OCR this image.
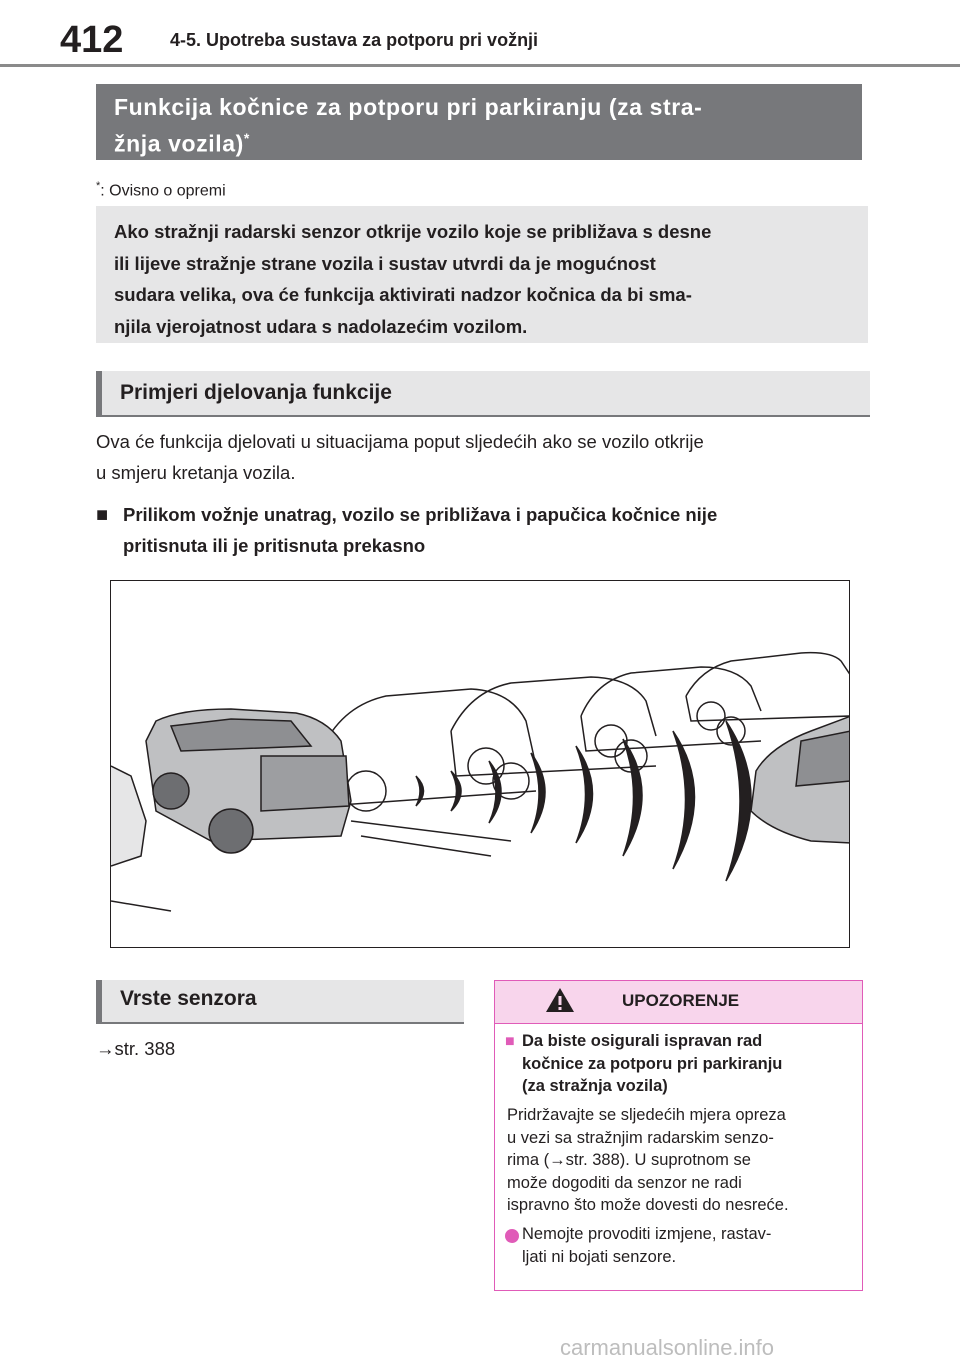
412	4-5. Upotreba sustava za potporu pri vožnji
Funkcija kočnice za potporu pri parkiranju (za stra-
žnja vozila)*
*: Ovisno o opremi
Ako stražnji radarski senzor otkrije vozilo koje se približava s desne
ili lijeve stražnje strane vozila i sustav utvrdi da je mogućnost
sudara velika, ova će funkcija aktivirati nadzor kočnica da bi sma-
njila vjerojatnost udara s nadolazećim vozilom.
Primjeri djelovanja funkcije
Ova će funkcija djelovati u situacijama poput sljedećih ako se vozilo otkrije
u smjeru kretanja vozila.
■ Prilikom vožnje unatrag, vozilo se približava i papučica kočnice nije
pritisnuta ili je pritisnuta prekasno
Vrste senzora
→str. 388
UPOZORENJE
■ Da biste osigurali ispravan rad
kočnice za potporu pri parkiranju
(za stražnja vozila)
Pridržavajte se sljedećih mjera opreza
u vezi sa stražnjim radarskim senzo-
rima (→str. 388). U suprotnom se
može dogoditi da senzor ne radi
ispravno što može dovesti do nesreće.
Nemojte provoditi izmjene, rastav-
ljati ni bojati senzore.
carmanualsonline.info
